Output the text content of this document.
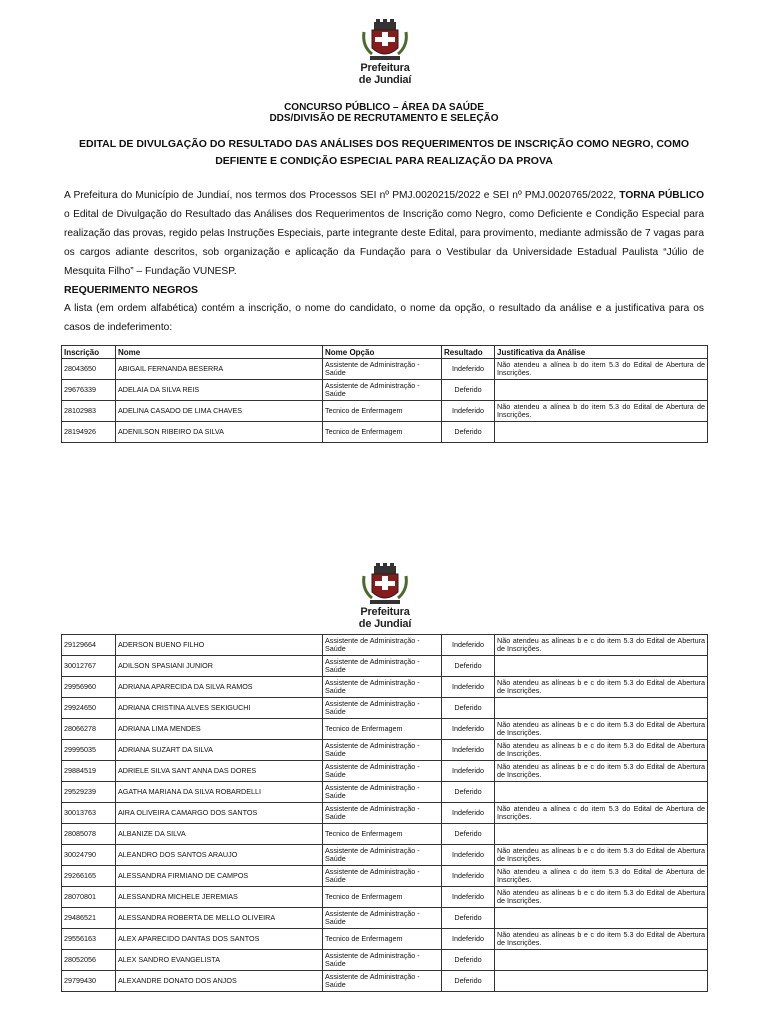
Prefeitura
de Jundiaí
CONCURSO PÚBLICO – ÁREA DA SAÚDE
DDS/DIVISÃO DE RECRUTAMENTO E SELEÇÃO
EDITAL DE DIVULGAÇÃO DO RESULTADO DAS ANÁLISES DOS REQUERIMENTOS DE INSCRIÇÃO COMO NEGRO, COMO DEFIENTE E CONDIÇÃO ESPECIAL PARA REALIZAÇÃO DA PROVA
A Prefeitura do Município de Jundiaí, nos termos dos Processos SEI nº PMJ.0020215/2022 e SEI nº PMJ.0020765/2022, TORNA PÚBLICO o Edital de Divulgação do Resultado das Análises dos Requerimentos de Inscrição como Negro, como Deficiente e Condição Especial para realização das provas, regido pelas Instruções Especiais, parte integrante deste Edital, para provimento, mediante admissão de 7 vagas para os cargos adiante descritos, sob organização e aplicação da Fundação para o Vestibular da Universidade Estadual Paulista “Júlio de Mesquita Filho” – Fundação VUNESP.
REQUERIMENTO NEGROS
A lista (em ordem alfabética) contém a inscrição, o nome do candidato, o nome da opção, o resultado da análise e a justificativa para os casos de indeferimento:
Inscrição	Nome	Nome Opção	Resultado	Justificativa da Análise
28043650	ABIGAIL FERNANDA BESERRA	Assistente de Administração - Saúde	Indeferido	Não atendeu a alínea b do item 5.3 do Edital de Abertura de Inscrições.
29676339	ADELAIA DA SILVA REIS	Assistente de Administração - Saúde	Deferido	
28102983	ADELINA CASADO DE LIMA CHAVES	Tecnico de Enfermagem	Indeferido	Não atendeu a alínea b do item 5.3 do Edital de Abertura de Inscrições.
28194926	ADENILSON RIBEIRO DA SILVA	Tecnico de Enfermagem	Deferido	
Prefeitura
de Jundiaí
29129664	ADERSON BUENO FILHO	Assistente de Administração - Saúde	Indeferido	Não atendeu as alíneas b e c do item 5.3 do Edital de Abertura de Inscrições.
30012767	ADILSON SPASIANI JUNIOR	Assistente de Administração - Saúde	Deferido	
29956960	ADRIANA APARECIDA DA SILVA RAMOS	Assistente de Administração - Saúde	Indeferido	Não atendeu as alíneas b e c do item 5.3 do Edital de Abertura de Inscrições.
29924650	ADRIANA CRISTINA ALVES SEKIGUCHI	Assistente de Administração - Saúde	Deferido	
28066278	ADRIANA LIMA MENDES	Tecnico de Enfermagem	Indeferido	Não atendeu as alíneas b e c do item 5.3 do Edital de Abertura de Inscrições.
29995035	ADRIANA SUZART DA SILVA	Assistente de Administração - Saúde	Indeferido	Não atendeu as alíneas b e c do item 5.3 do Edital de Abertura de Inscrições.
29884519	ADRIELE SILVA SANT ANNA DAS DORES	Assistente de Administração - Saúde	Indeferido	Não atendeu as alíneas b e c do item 5.3 do Edital de Abertura de Inscrições.
29529239	AGATHA MARIANA DA SILVA ROBARDELLI	Assistente de Administração - Saúde	Deferido	
30013763	AIRA OLIVEIRA CAMARGO DOS SANTOS	Assistente de Administração - Saúde	Indeferido	Não atendeu a alínea c do item 5.3 do Edital de Abertura de Inscrições.
28085078	ALBANIZE DA SILVA	Tecnico de Enfermagem	Deferido	
30024790	ALEANDRO DOS SANTOS ARAUJO	Assistente de Administração - Saúde	Indeferido	Não atendeu as alíneas b e c do item 5.3 do Edital de Abertura de Inscrições.
29266165	ALESSANDRA FIRMIANO DE CAMPOS	Assistente de Administração - Saúde	Indeferido	Não atendeu a alínea c do item 5.3 do Edital de Abertura de Inscrições.
28070801	ALESSANDRA MICHELE JEREMIAS	Tecnico de Enfermagem	Indeferido	Não atendeu as alíneas b e c do item 5.3 do Edital de Abertura de Inscrições.
29486521	ALESSANDRA ROBERTA DE MELLO OLIVEIRA	Assistente de Administração - Saúde	Deferido	
29556163	ALEX APARECIDO DANTAS DOS SANTOS	Tecnico de Enfermagem	Indeferido	Não atendeu as alíneas b e c do item 5.3 do Edital de Abertura de Inscrições.
28052056	ALEX SANDRO EVANGELISTA	Assistente de Administração - Saúde	Deferido	
29799430	ALEXANDRE DONATO DOS ANJOS	Assistente de Administração - Saúde	Deferido	
